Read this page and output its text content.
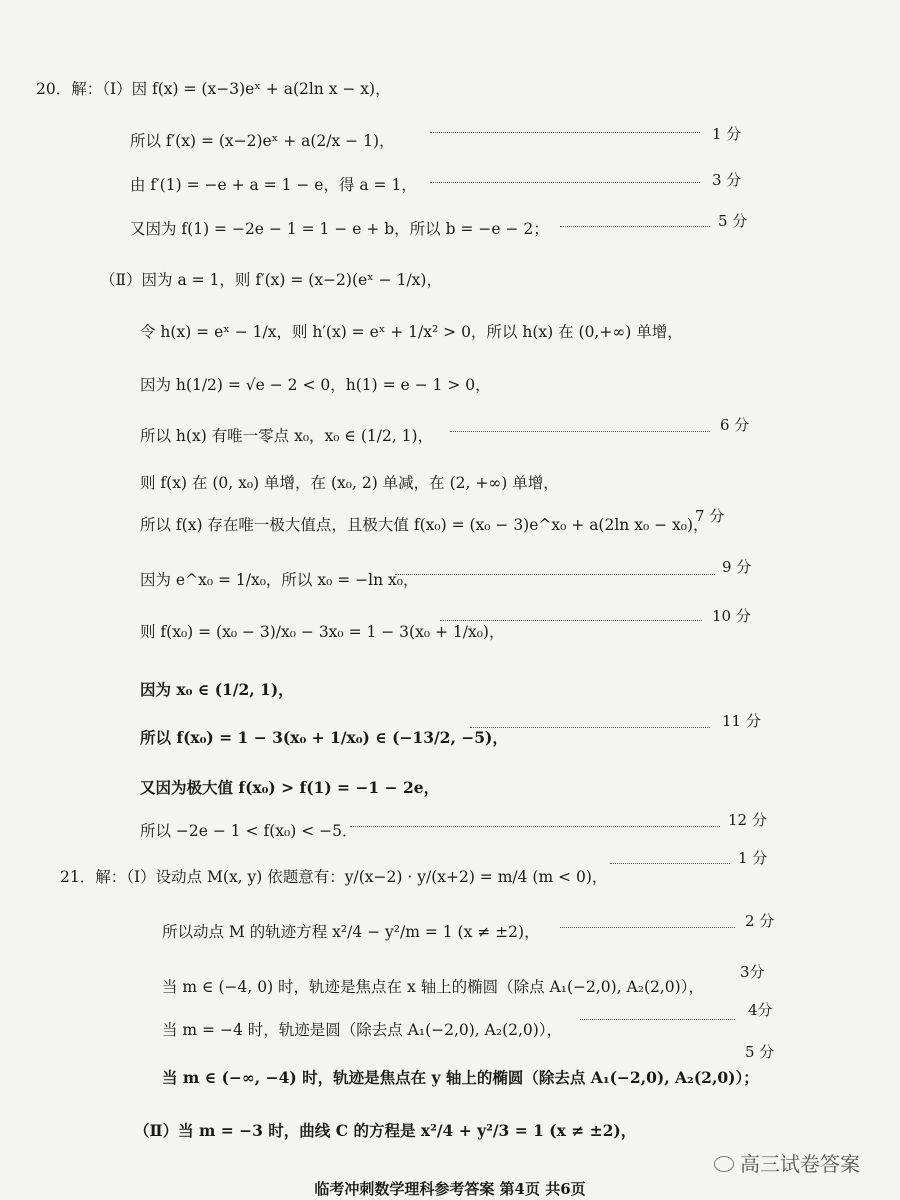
20．解：（Ⅰ）因 f(x) = (x−3)eˣ + a(2ln x − x)，
所以 f′(x) = (x−2)eˣ + a(2/x − 1)，	1 分
由 f′(1) = −e + a = 1 − e，得 a = 1，	3 分
又因为 f(1) = −2e − 1 = 1 − e + b，所以 b = −e − 2；	5 分
（Ⅱ）因为 a = 1，则 f′(x) = (x−2)(eˣ − 1/x)，
令 h(x) = eˣ − 1/x，则 h′(x) = eˣ + 1/x² > 0，所以 h(x) 在 (0,+∞) 单增，
因为 h(1/2) = √e − 2 < 0，h(1) = e − 1 > 0，
所以 h(x) 有唯一零点 x₀，x₀ ∈ (1/2, 1)，
6 分
则 f(x) 在 (0, x₀) 单增，在 (x₀, 2) 单减，在 (2, +∞) 单增，
所以 f(x) 存在唯一极大值点，且极大值 f(x₀) = (x₀ − 3)e^x₀ + a(2ln x₀ − x₀)，
7 分
因为 e^x₀ = 1/x₀，所以 x₀ = −ln x₀，
9 分
则 f(x₀) = (x₀ − 3)/x₀ − 3x₀ = 1 − 3(x₀ + 1/x₀)，
10 分
因为 x₀ ∈ (1/2, 1)，
所以 f(x₀) = 1 − 3(x₀ + 1/x₀) ∈ (−13/2, −5)，
11 分
又因为极大值 f(x₀) > f(1) = −1 − 2e，
所以 −2e − 1 < f(x₀) < −5．
12 分
21．解：（Ⅰ）设动点 M(x, y) 依题意有：y/(x−2) · y/(x+2) = m/4 (m < 0)，
1 分
所以动点 M 的轨迹方程 x²/4 − y²/m = 1 (x ≠ ±2)，
2 分
当 m ∈ (−4, 0) 时，轨迹是焦点在 x 轴上的椭圆（除点 A₁(−2,0), A₂(2,0)），
3分
当 m = −4 时，轨迹是圆（除去点 A₁(−2,0), A₂(2,0)），
4分
当 m ∈ (−∞, −4) 时，轨迹是焦点在 y 轴上的椭圆（除去点 A₁(−2,0), A₂(2,0)）；
5 分
（Ⅱ）当 m = −3 时，曲线 C 的方程是 x²/4 + y²/3 = 1 (x ≠ ±2)，
高三试卷答案
临考冲刺数学理科参考答案 第4页 共6页
